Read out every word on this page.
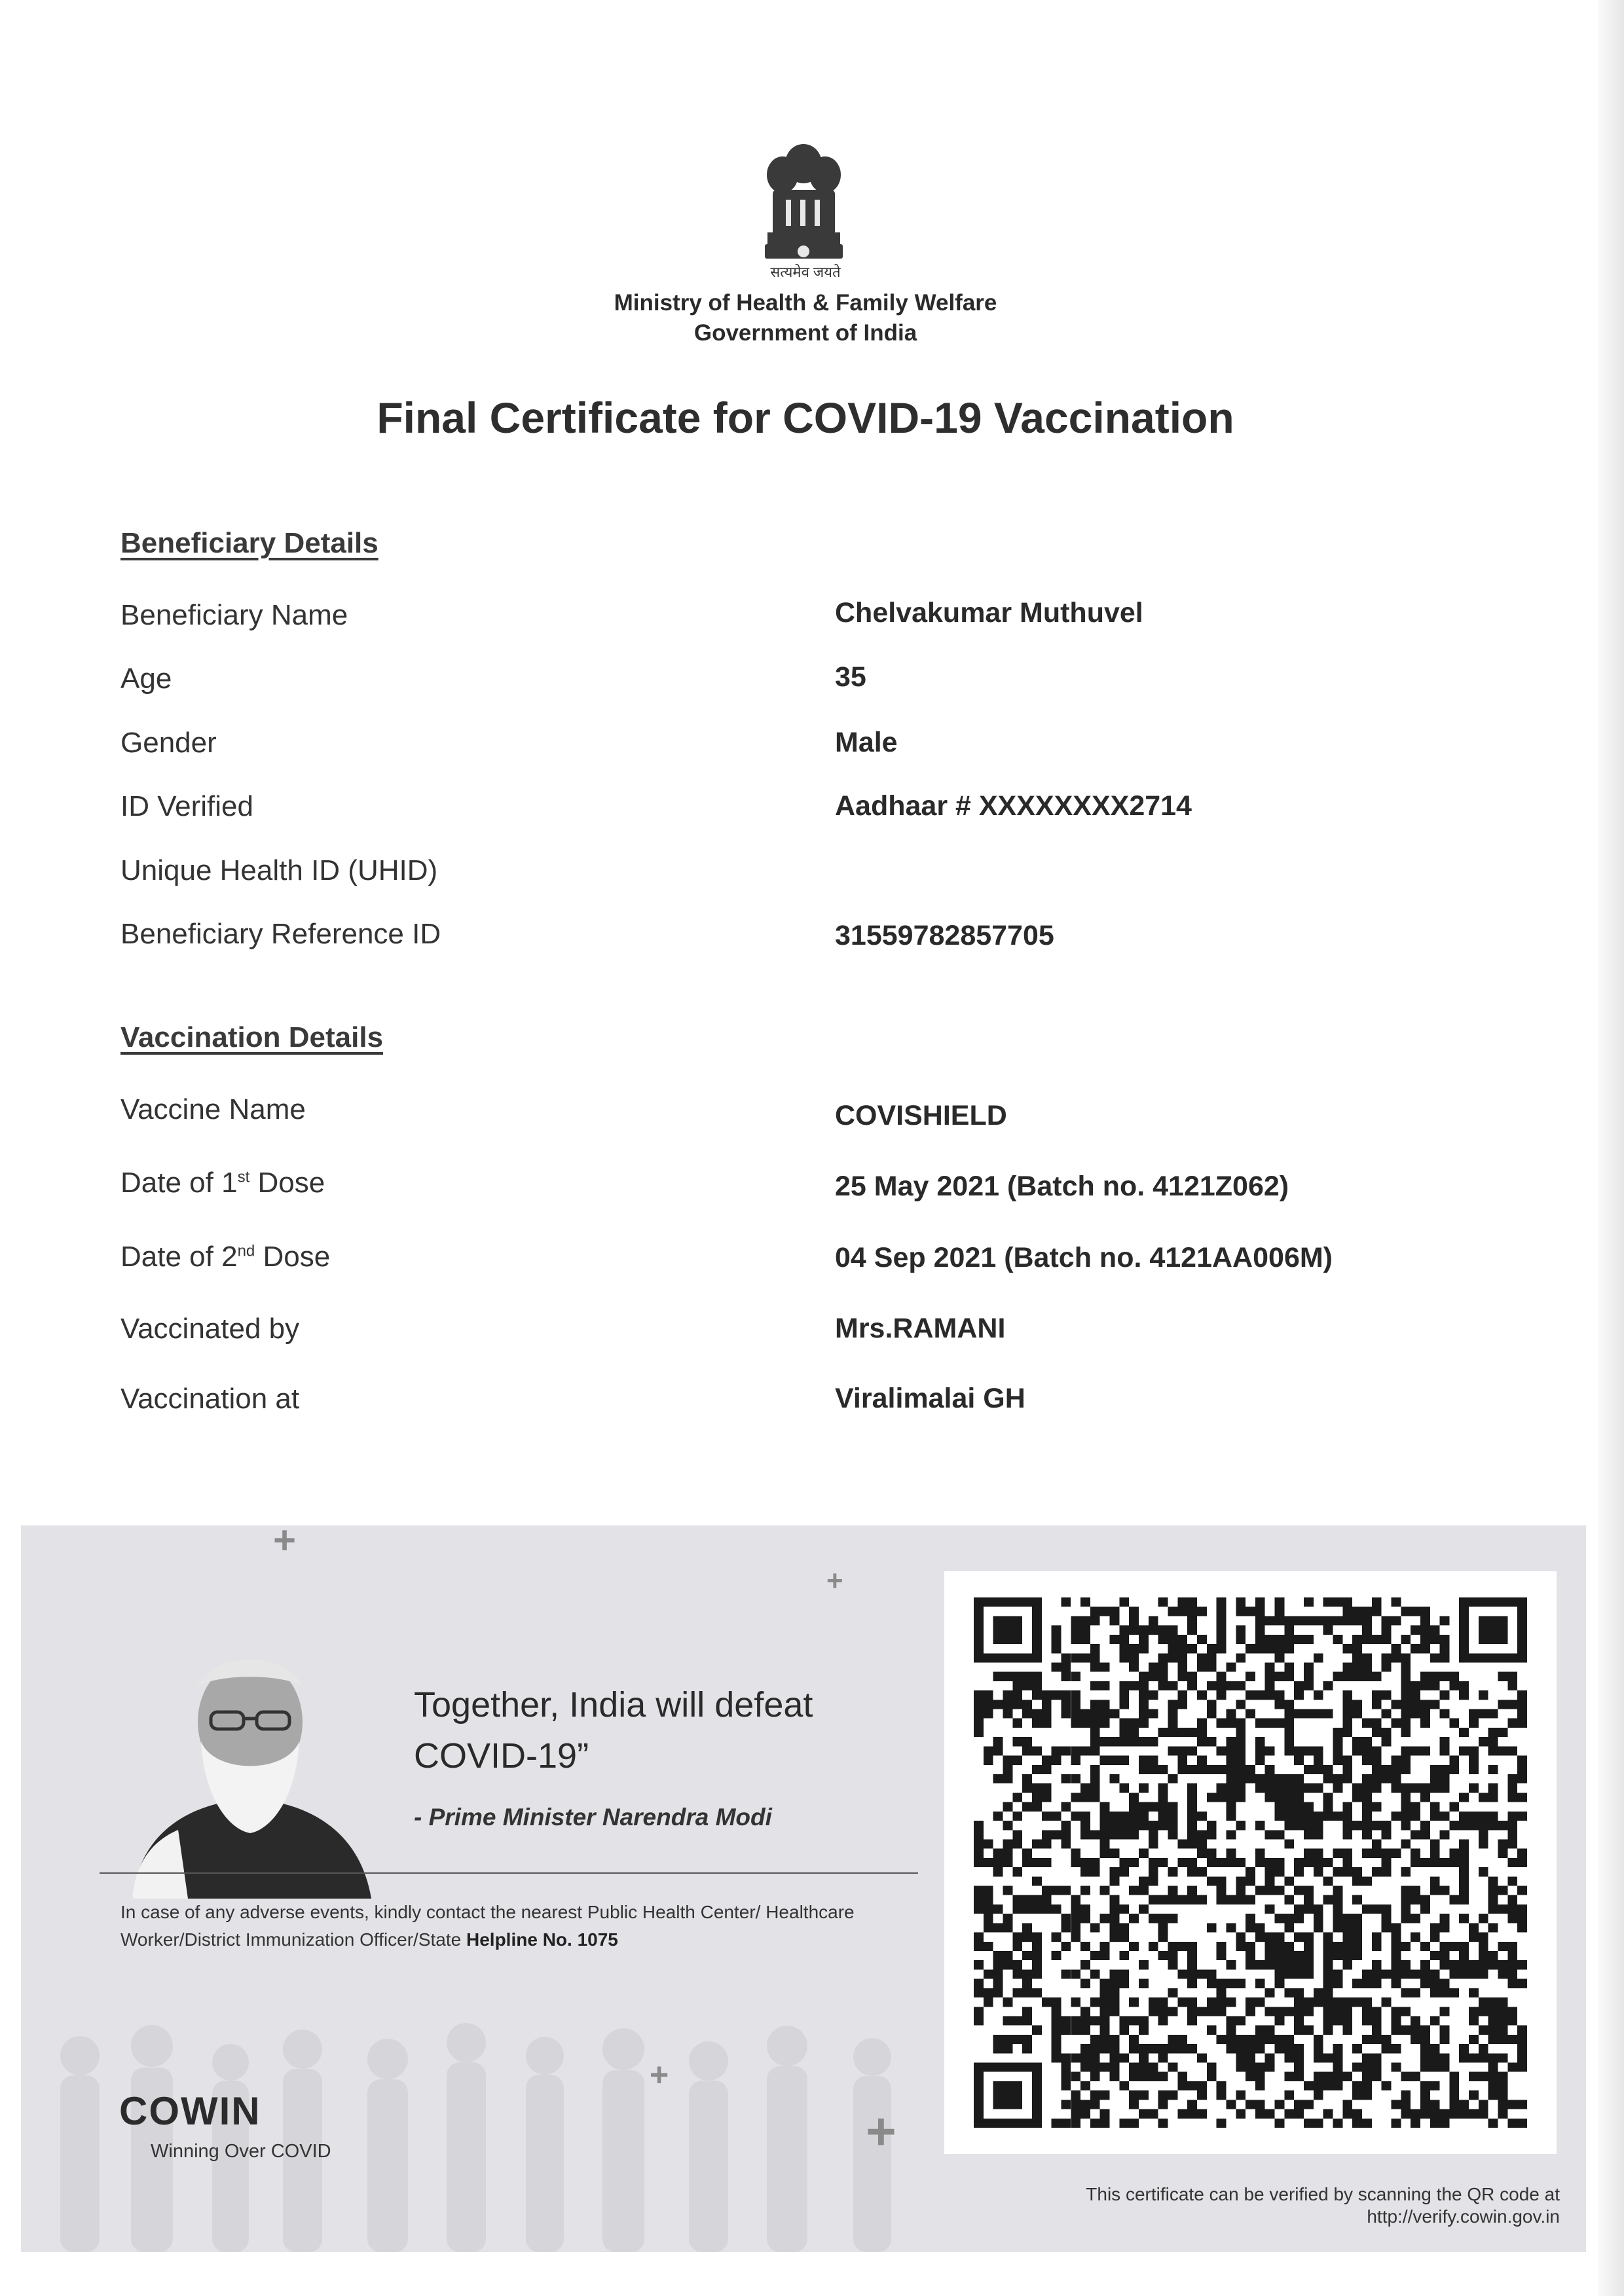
सत्यमेव जयते
Ministry of Health & Family Welfare
Government of India
Final Certificate for COVID-19 Vaccination
Beneficiary Details
Beneficiary Name	Chelvakumar Muthuvel
Age	35
Gender	Male
ID Verified	Aadhaar # XXXXXXXX2714
Unique Health ID (UHID)
Beneficiary Reference ID	31559782857705
Vaccination Details
Vaccine Name	COVISHIELD
Date of 1st Dose	25 May 2021 (Batch no. 4121Z062)
Date of 2nd Dose	04 Sep 2021 (Batch no. 4121AA006M)
Vaccinated by	Mrs.RAMANI
Vaccination at	Viralimalai GH
+
+
+
+
Together, India will defeat COVID-19”
- Prime Minister Narendra Modi
In case of any adverse events, kindly contact the nearest Public Health Center/ Healthcare Worker/District Immunization Officer/State Helpline No. 1075
COWIN
Winning Over COVID
This certificate can be verified by scanning the QR code at
http://verify.cowin.gov.in
